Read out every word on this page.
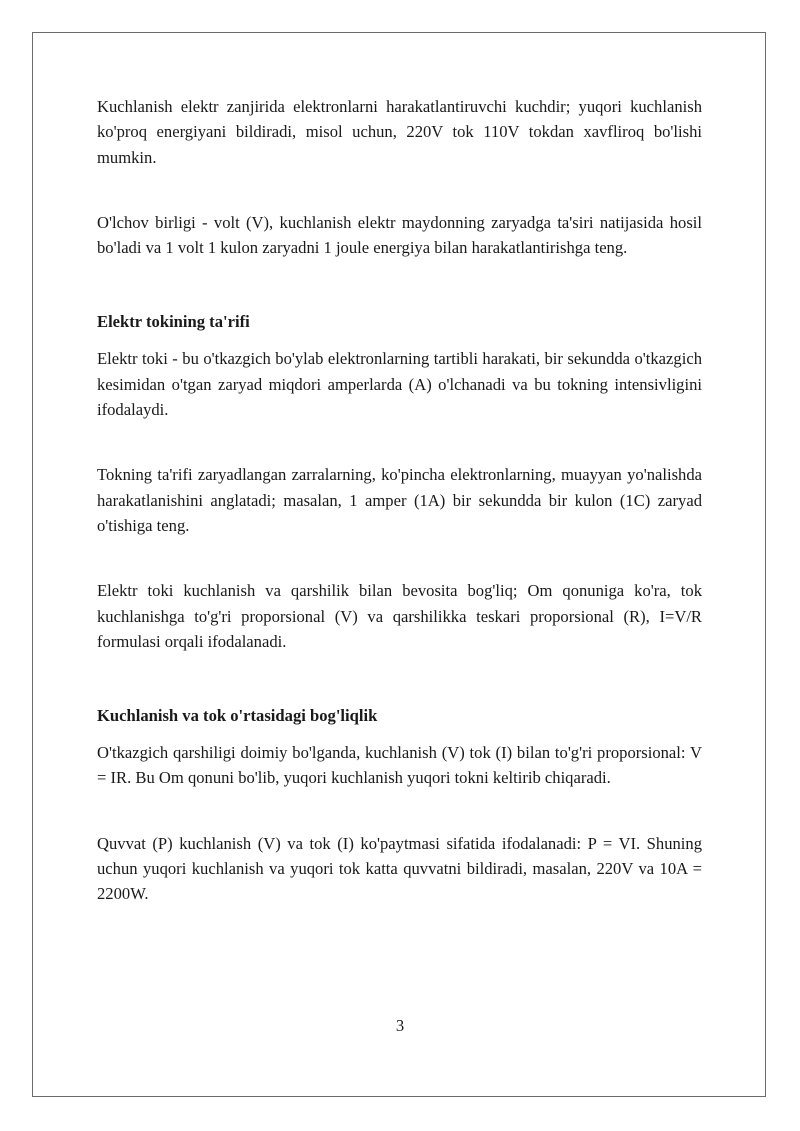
Kuchlanish elektr zanjirida elektronlarni harakatlantiruvchi kuchdir; yuqori kuchlanish ko'proq energiyani bildiradi, misol uchun, 220V tok 110V tokdan xavfliroq bo'lishi mumkin.

O'lchov birligi - volt (V), kuchlanish elektr maydonning zaryadga ta'siri natijasida hosil bo'ladi va 1 volt 1 kulon zaryadni 1 joule energiya bilan harakatlantirishga teng.

Elektr tokining ta'rifi

Elektr toki - bu o'tkazgich bo'ylab elektronlarning tartibli harakati, bir sekundda o'tkazgich kesimidan o'tgan zaryad miqdori amperlarda (A) o'lchanadi va bu tokning intensivligini ifodalaydi.

Tokning ta'rifi zaryadlangan zarralarning, ko'pincha elektronlarning, muayyan yo'nalishda harakatlanishini anglatadi; masalan, 1 amper (1A) bir sekundda bir kulon (1C) zaryad o'tishiga teng.

Elektr toki kuchlanish va qarshilik bilan bevosita bog'liq; Om qonuniga ko'ra, tok kuchlanishga to'g'ri proporsional (V) va qarshilikka teskari proporsional (R), I=V/R formulasi orqali ifodalanadi.

Kuchlanish va tok o'rtasidagi bog'liqlik

O'tkazgich qarshiligi doimiy bo'lganda, kuchlanish (V) tok (I) bilan to'g'ri proporsional: V = IR. Bu Om qonuni bo'lib, yuqori kuchlanish yuqori tokni keltirib chiqaradi.

Quvvat (P) kuchlanish (V) va tok (I) ko'paytmasi sifatida ifodalanadi: P = VI. Shuning uchun yuqori kuchlanish va yuqori tok katta quvvatni bildiradi, masalan, 220V va 10A = 2200W.

3
